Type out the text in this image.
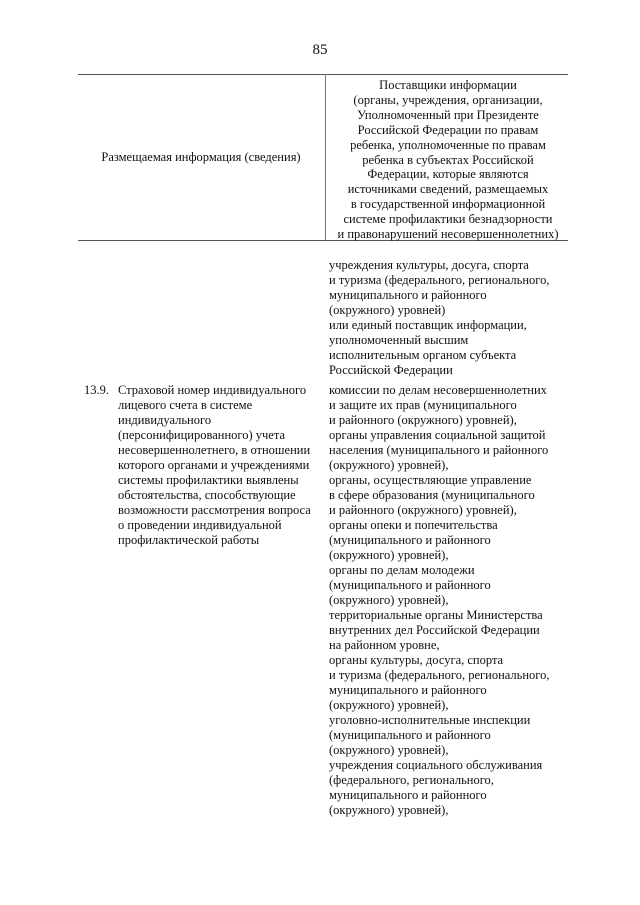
85
Размещаемая информация (сведения)
Поставщики информации
(органы, учреждения, организации,
Уполномоченный при Президенте
Российской Федерации по правам
ребенка, уполномоченные по правам
ребенка в субъектах Российской
Федерации, которые являются
источниками сведений, размещаемых
в государственной информационной
системе профилактики безнадзорности
и правонарушений несовершеннолетних)
учреждения культуры, досуга, спорта
и туризма (федерального, регионального,
муниципального и районного
(окружного) уровней)
или единый поставщик информации,
уполномоченный высшим
исполнительным органом субъекта
Российской Федерации
13.9. Страховой номер индивидуального
лицевого счета в системе
индивидуального
(персонифицированного) учета
несовершеннолетнего, в отношении
которого органами и учреждениями
системы профилактики выявлены
обстоятельства, способствующие
возможности рассмотрения вопроса
о проведении индивидуальной
профилактической работы
комиссии по делам несовершеннолетних
и защите их прав (муниципального
и районного (окружного) уровней),
органы управления социальной защитой
населения (муниципального и районного
(окружного) уровней),
органы, осуществляющие управление
в сфере образования (муниципального
и районного (окружного) уровней),
органы опеки и попечительства
(муниципального и районного
(окружного) уровней),
органы по делам молодежи
(муниципального и районного
(окружного) уровней),
территориальные органы Министерства
внутренних дел Российской Федерации
на районном уровне,
органы культуры, досуга, спорта
и туризма (федерального, регионального,
муниципального и районного
(окружного) уровней),
уголовно-исполнительные инспекции
(муниципального и районного
(окружного) уровней),
учреждения социального обслуживания
(федерального, регионального,
муниципального и районного
(окружного) уровней),
